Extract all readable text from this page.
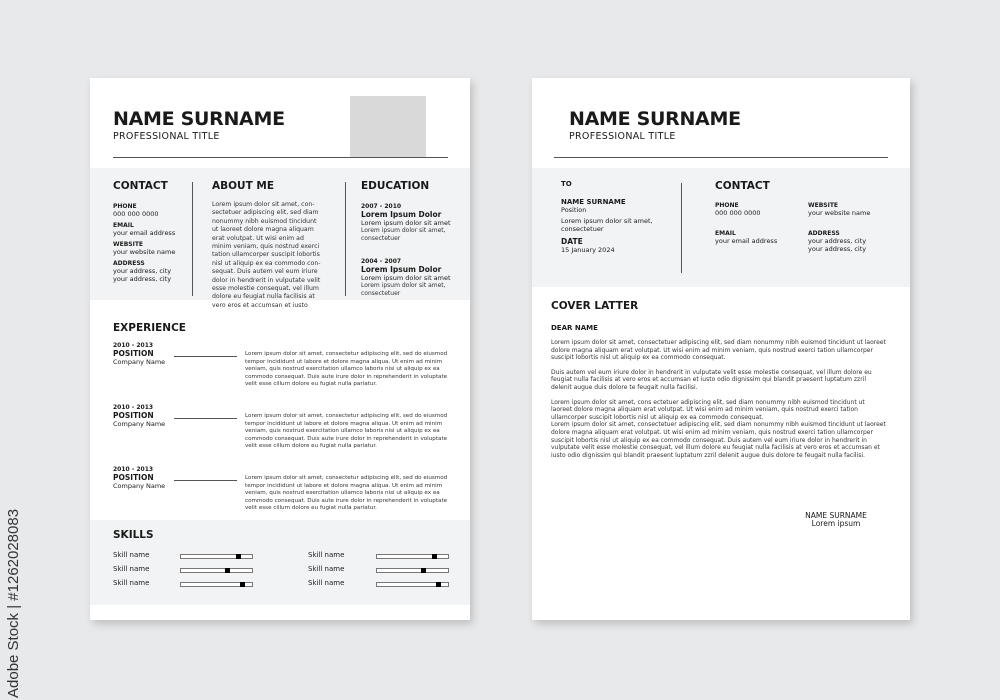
Adobe Stock | #1262028083
NAME SURNAME
PROFESSIONAL TITLE
CONTACT
PHONE
000 000 0000
EMAIL
your email address
WEBSITE
your website name
ADDRESS
your address, city
your address, city
ABOUT ME
Lorem ipsum dolor sit amet, con-sectetuer adipiscing elit, sed diam nonummy nibh euismod tincidunt ut laoreet dolore magna aliquam erat volutpat. Ut wisi enim ad minim veniam, quis nostrud exerci tation ullamcorper suscipit lobortis nisl ut aliquip ex ea commodo con-sequat. Duis autem vel eum iriure dolor in hendrerit in vulputate velit esse molestie consequat, vel illum dolore eu feugiat nulla facilisis at vero eros et accumsan et iusto
EDUCATION
2007 - 2010
Lorem Ipsum Dolor
Lorem ipsum dolor sit amet
Lorem ipsum dolor sit amet, consectetuer
2004 - 2007
Lorem Ipsum Dolor
Lorem ipsum dolor sit amet
Lorem ipsum dolor sit amet, consectetuer
EXPERIENCE
2010 - 2013
POSITION
Company Name
Lorem ipsum dolor sit amet, consectetur adipiscing elit, sed do eiusmod tempor incididunt ut labore et dolore magna aliqua. Ut enim ad minim veniam, quis nostrud exercitation ullamco laboris nisi ut aliquip ex ea commodo consequat. Duis aute irure dolor in reprehenderit in voluptate velit esse cillum dolore eu fugiat nulla pariatur.
2010 - 2013
POSITION
Company Name
Lorem ipsum dolor sit amet, consectetur adipiscing elit, sed do eiusmod tempor incididunt ut labore et dolore magna aliqua. Ut enim ad minim veniam, quis nostrud exercitation ullamco laboris nisi ut aliquip ex ea commodo consequat. Duis aute irure dolor in reprehenderit in voluptate velit esse cillum dolore eu fugiat nulla pariatur.
2010 - 2013
POSITION
Company Name
Lorem ipsum dolor sit amet, consectetur adipiscing elit, sed do eiusmod tempor incididunt ut labore et dolore magna aliqua. Ut enim ad minim veniam, quis nostrud exercitation ullamco laboris nisi ut aliquip ex ea commodo consequat. Duis aute irure dolor in reprehenderit in voluptate velit esse cillum dolore eu fugiat nulla pariatur.
SKILLS
Skill name
Skill name
Skill name
Skill name
Skill name
Skill name
NAME SURNAME
PROFESSIONAL TITLE
TO
NAME SURNAME
Position
Lorem ipsum dolor sit amet, consectetuer
DATE
15 January 2024
CONTACT
PHONE
000 000 0000
WEBSITE
your website name
EMAIL
your email address
ADDRESS
your address, city
your address, city
COVER LATTER
DEAR NAME

Lorem ipsum dolor sit amet, consectetuer adipiscing elit, sed diam nonummy nibh euismod tincidunt ut laoreet dolore magna aliquam erat volutpat. Ut wisi enim ad minim veniam, quis nostrud exerci tation ullamcorper suscipit lobortis nisl ut aliquip ex ea commodo consequat.

Duis autem vel eum iriure dolor in hendrerit in vulputate velit esse molestie consequat, vel illum dolore eu feugiat nulla facilisis at vero eros et accumsan et iusto odio dignissim qui blandit praesent luptatum zzril delenit augue duis dolore te feugait nulla facilisi.

Lorem ipsum dolor sit amet, cons ectetuer adipiscing elit, sed diam nonummy nibh euismod tincidunt ut laoreet dolore magna aliquam erat volutpat. Ut wisi enim ad minim veniam, quis nostrud exerci tation ullamcorper suscipit lobortis nisl ut aliquip ex ea commodo consequat.
Lorem ipsum dolor sit amet, consectetuer adipiscing elit, sed diam nonummy nibh euismod tincidunt ut laoreet dolore magna aliquam erat volutpat. Ut wisi enim ad minim veniam, quis nostrud exerci tation ullamcorper suscipit lobortis nisl ut aliquip ex ea commodo consequat. Duis autem vel eum iriure dolor in hendrerit in vulputate velit esse molestie consequat, vel illum dolore eu feugiat nulla facilisis at vero eros et accumsan et iusto odio dignissim qui blandit praesent luptatum zzril delenit augue duis dolore te feugait nulla facilisi.

NAME SURNAME
Lorem ipsum
